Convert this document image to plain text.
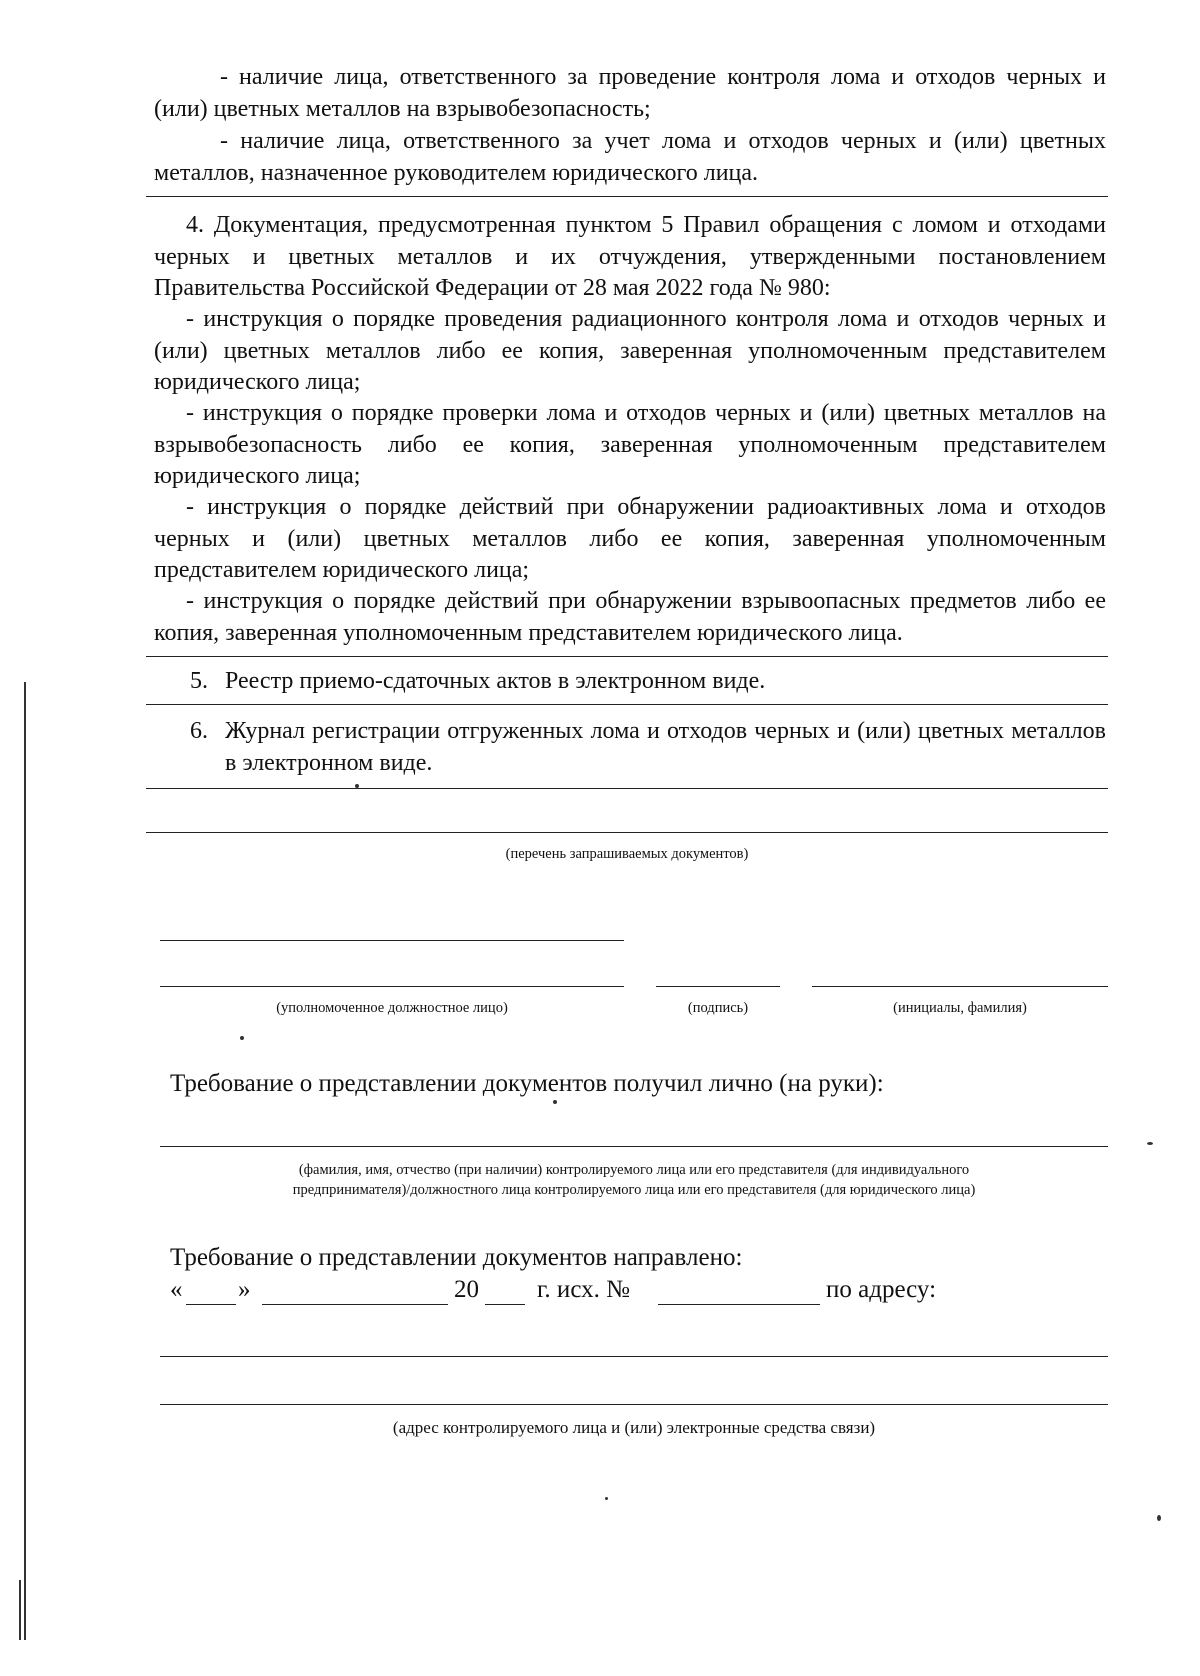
- наличие лица, ответственного за проведение контроля лома и отходов черных и (или) цветных металлов на взрывобезопасность;
- наличие лица, ответственного за учет лома и отходов черных и (или) цветных металлов, назначенное руководителем юридического лица.
4. Документация, предусмотренная пунктом 5 Правил обращения с ломом и отходами черных и цветных металлов и их отчуждения, утвержденными постановлением Правительства Российской Федерации от 28 мая 2022 года № 980:
- инструкция о порядке проведения радиационного контроля лома и отходов черных и (или) цветных металлов либо ее копия, заверенная уполномоченным представителем юридического лица;
- инструкция о порядке проверки лома и отходов черных и (или) цветных металлов на взрывобезопасность либо ее копия, заверенная уполномоченным представителем юридического лица;
- инструкция о порядке действий при обнаружении радиоактивных лома и отходов черных и (или) цветных металлов либо ее копия, заверенная уполномоченным представителем юридического лица;
- инструкция о порядке действий при обнаружении взрывоопасных предметов либо ее копия, заверенная уполномоченным представителем юридического лица.
5. Реестр приемо-сдаточных актов в электронном виде.
6. Журнал регистрации отгруженных лома и отходов черных и (или) цветных металлов в электронном виде.
(перечень запрашиваемых документов)
(уполномоченное должностное лицо)	(подпись)	(инициалы, фамилия)
Требование о представлении документов получил лично (на руки):
(фамилия, имя, отчество (при наличии) контролируемого лица или его представителя (для индивидуального
предпринимателя)/должностного лица контролируемого лица или его представителя (для юридического лица)
Требование о представлении документов направлено:
« »	20 г. исх. №	по адресу:
(адрес контролируемого лица и (или) электронные средства связи)
